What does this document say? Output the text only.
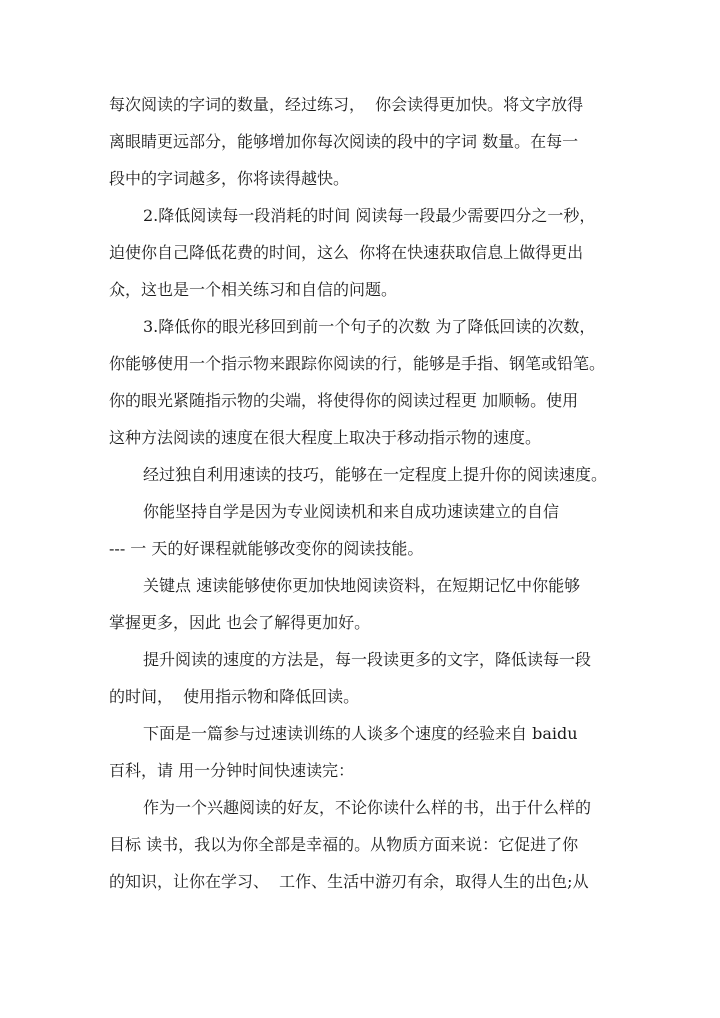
每次阅读的字词的数量，经过练习，  你会读得更加快。将文字放得
离眼睛更远部分，能够增加你每次阅读的段中的字词 数量。在每一
段中的字词越多，你将读得越快。
2.降低阅读每一段消耗的时间 阅读每一段最少需要四分之一秒，
迫使你自己降低花费的时间，这么  你将在快速获取信息上做得更出
众，这也是一个相关练习和自信的问题。
3.降低你的眼光移回到前一个句子的次数 为了降低回读的次数，
你能够使用一个指示物来跟踪你阅读的行，能够是手指、钢笔或铅笔。
你的眼光紧随指示物的尖端，将使得你的阅读过程更 加顺畅。使用
这种方法阅读的速度在很大程度上取决于移动指示物的速度。
经过独自利用速读的技巧，能够在一定程度上提升你的阅读速度。
你能坚持自学是因为专业阅读机和来自成功速读建立的自信
--- 一 天的好课程就能够改变你的阅读技能。
关键点 速读能够使你更加快地阅读资料，在短期记忆中你能够
掌握更多，因此 也会了解得更加好。
提升阅读的速度的方法是，每一段读更多的文字，降低读每一段
的时间，  使用指示物和降低回读。
下面是一篇参与过速读训练的人谈多个速度的经验来自 baidu
百科，请 用一分钟时间快速读完：
作为一个兴趣阅读的好友，不论你读什么样的书，出于什么样的
目标 读书，我以为你全部是幸福的。从物质方面来说：它促进了你
的知识，让你在学习、  工作、生活中游刃有余，取得人生的出色;从
